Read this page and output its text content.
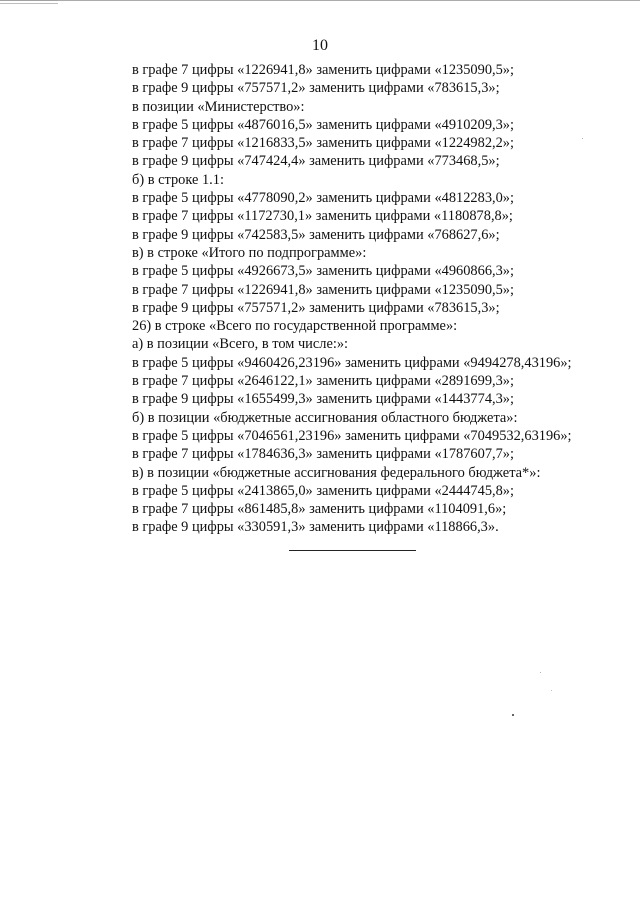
10
в графе 7 цифры «1226941,8» заменить цифрами «1235090,5»;
в графе 9 цифры «757571,2» заменить цифрами «783615,3»;
в позиции «Министерство»:
в графе 5 цифры «4876016,5» заменить цифрами «4910209,3»;
в графе 7 цифры «1216833,5» заменить цифрами «1224982,2»;
в графе 9 цифры «747424,4» заменить цифрами «773468,5»;
б) в строке 1.1:
в графе 5 цифры «4778090,2» заменить цифрами «4812283,0»;
в графе 7 цифры «1172730,1» заменить цифрами «1180878,8»;
в графе 9 цифры «742583,5» заменить цифрами «768627,6»;
в) в строке «Итого по подпрограмме»:
в графе 5 цифры «4926673,5» заменить цифрами «4960866,3»;
в графе 7 цифры «1226941,8» заменить цифрами «1235090,5»;
в графе 9 цифры «757571,2» заменить цифрами «783615,3»;
26) в строке «Всего по государственной программе»:
а) в позиции «Всего, в том числе:»:
в графе 5 цифры «9460426,23196» заменить цифрами «9494278,43196»;
в графе 7 цифры «2646122,1» заменить цифрами «2891699,3»;
в графе 9 цифры «1655499,3» заменить цифрами «1443774,3»;
б) в позиции «бюджетные ассигнования областного бюджета»:
в графе 5 цифры «7046561,23196» заменить цифрами «7049532,63196»;
в графе 7 цифры «1784636,3» заменить цифрами «1787607,7»;
в) в позиции «бюджетные ассигнования федерального бюджета*»:
в графе 5 цифры «2413865,0» заменить цифрами «2444745,8»;
в графе 7 цифры «861485,8» заменить цифрами «1104091,6»;
в графе 9 цифры «330591,3» заменить цифрами «118866,3».
